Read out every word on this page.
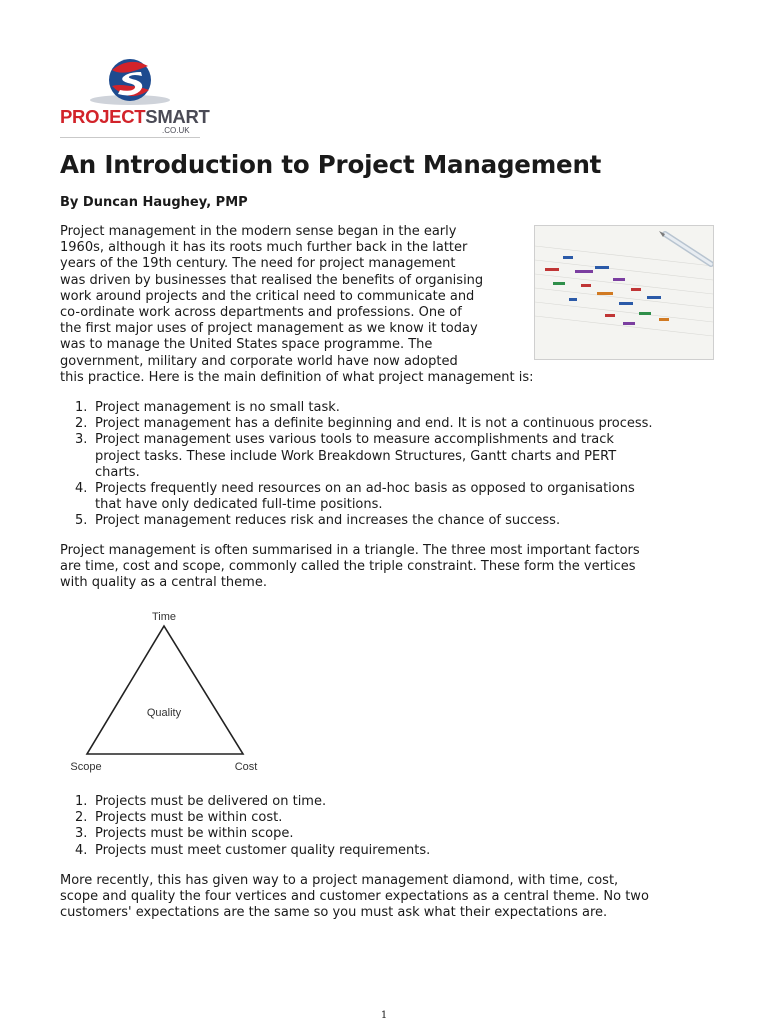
PROJECTSMART
.CO.UK
An Introduction to Project Management
By Duncan Haughey, PMP
Project management in the modern sense began in the early
1960s, although it has its roots much further back in the latter
years of the 19th century. The need for project management
was driven by businesses that realised the benefits of organising
work around projects and the critical need to communicate and
co-ordinate work across departments and professions. One of
the first major uses of project management as we know it today
was to manage the United States space programme. The
government, military and corporate world have now adopted
this practice. Here is the main definition of what project management is:
1. Project management is no small task.
2. Project management has a definite beginning and end. It is not a continuous process.
3. Project management uses various tools to measure accomplishments and track
project tasks. These include Work Breakdown Structures, Gantt charts and PERT
charts.
4. Projects frequently need resources on an ad-hoc basis as opposed to organisations
that have only dedicated full-time positions.
5. Project management reduces risk and increases the chance of success.
Project management is often summarised in a triangle. The three most important factors
are time, cost and scope, commonly called the triple constraint. These form the vertices
with quality as a central theme.
Time
Quality
Scope	Cost
1. Projects must be delivered on time.
2. Projects must be within cost.
3. Projects must be within scope.
4. Projects must meet customer quality requirements.
More recently, this has given way to a project management diamond, with time, cost,
scope and quality the four vertices and customer expectations as a central theme. No two
customers' expectations are the same so you must ask what their expectations are.
1
